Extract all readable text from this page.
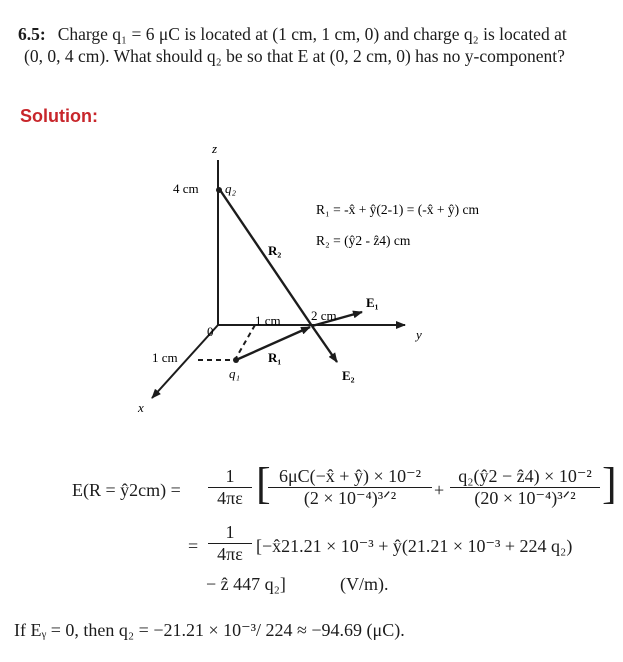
6.5: Charge q₁ = 6 μC is located at (1 cm, 1 cm, 0) and charge q₂ is located at
(0, 0, 4 cm). What should q₂ be so that E at (0, 2 cm, 0) has no y-component?
Solution:
z
y
x
0
4 cm q₂
R₂
1 cm 2 cm
1 cm
q₁
R₁
E₁
E₂
R₁ = -x̂ + ŷ(2-1) = (-x̂ + ŷ) cm
R₂ = (ŷ2 - ẑ4) cm
E(R = ŷ2cm) = $\frac{1}{4\pi\varepsilon}$ [ 6μC(−x̂ + ŷ) × 10⁻²
(2 × 10⁻⁴)³ᐟ²	+
q₂(ŷ2 − ẑ4) × 10⁻²
(20 × 10⁻⁴)³ᐟ² ]
= $\frac{1}{4\pi\varepsilon}$ [−x̂21.21 × 10⁻³ + ŷ(21.21 × 10⁻³ + 224 q₂)
− ẑ 447 q₂]	(V/m).
If Eᵧ = 0, then q₂ = −21.21 × 10⁻³/ 224 ≈ −94.69 (μC).
